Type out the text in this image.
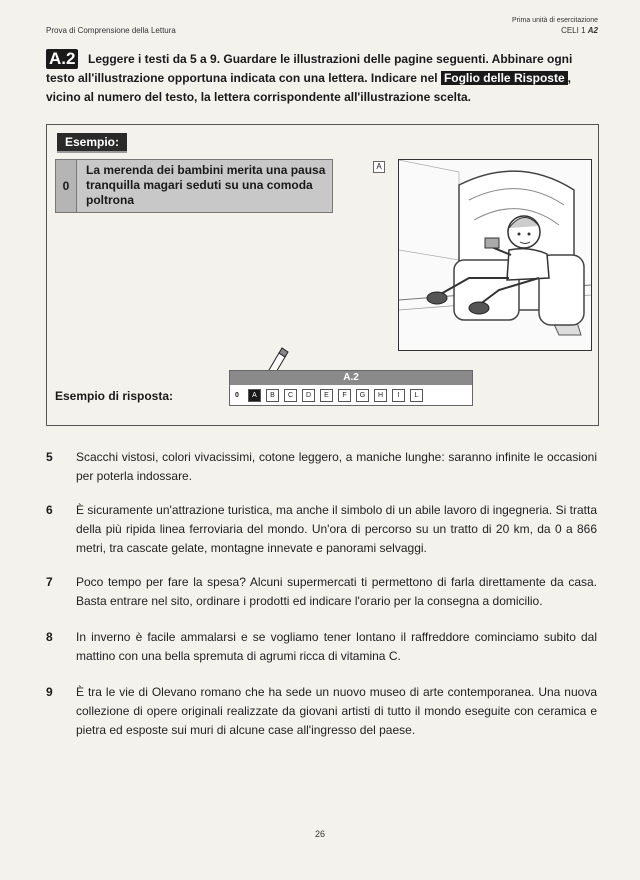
Prova di Comprensione della Lettura
Prima unità di esercitazione
CELI 1 A2
Leggere i testi da 5 a 9. Guardare le illustrazioni delle pagine seguenti. Abbinare ogni testo all'illustrazione opportuna indicata con una lettera. Indicare nel Foglio delle Risposte , vicino al numero del testo, la lettera corrispondente all'illustrazione scelta.
A.2
Esempio:
0
La merenda dei bambini merita una pausa tranquilla magari seduti su una comoda poltrona
A
Esempio di risposta:
A.2
0	A	B	C	D	E	F	G	H	I	L
5 Scacchi vistosi, colori vivacissimi, cotone leggero, a maniche lunghe: saranno infinite le occasioni per poterla indossare.
6 È sicuramente un'attrazione turistica, ma anche il simbolo di un abile lavoro di ingegneria. Si tratta della più ripida linea ferroviaria del mondo. Un'ora di percorso su un tratto di 20 km, da 0 a 866 metri, tra cascate gelate, montagne innevate e panorami selvaggi.
7 Poco tempo per fare la spesa? Alcuni supermercati ti permettono di farla direttamente da casa. Basta entrare nel sito, ordinare i prodotti ed indicare l'orario per la consegna a domicilio.
8 In inverno è facile ammalarsi e se vogliamo tener lontano il raffreddore cominciamo subito dal mattino con una bella spremuta di agrumi ricca di vitamina C.
9 È tra le vie di Olevano romano che ha sede un nuovo museo di arte contemporanea. Una nuova collezione di opere originali realizzate da giovani artisti di tutto il mondo eseguite con ceramica e pietra ed esposte sui muri di alcune case all'ingresso del paese.
26
